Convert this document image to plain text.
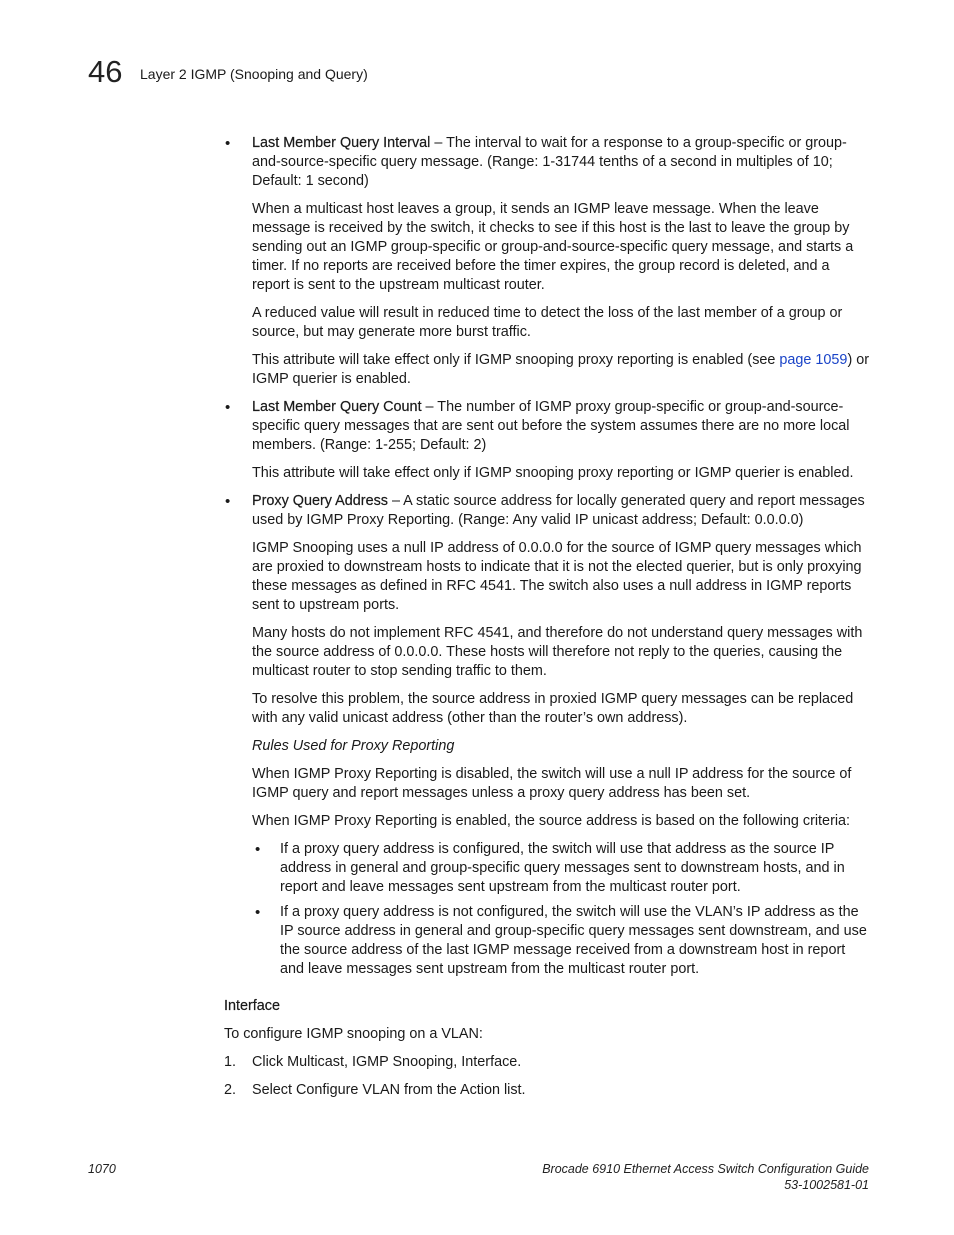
46 Layer 2 IGMP (Snooping and Query)
• Last Member Query Interval – The interval to wait for a response to a group-specific or group-and-source-specific query message. (Range: 1-31744 tenths of a second in multiples of 10; Default: 1 second)

When a multicast host leaves a group, it sends an IGMP leave message. When the leave message is received by the switch, it checks to see if this host is the last to leave the group by sending out an IGMP group-specific or group-and-source-specific query message, and starts a timer. If no reports are received before the timer expires, the group record is deleted, and a report is sent to the upstream multicast router.

A reduced value will result in reduced time to detect the loss of the last member of a group or source, but may generate more burst traffic.

This attribute will take effect only if IGMP snooping proxy reporting is enabled (see page 1059) or IGMP querier is enabled.

• Last Member Query Count – The number of IGMP proxy group-specific or group-and-source-specific query messages that are sent out before the system assumes there are no more local members. (Range: 1-255; Default: 2)

This attribute will take effect only if IGMP snooping proxy reporting or IGMP querier is enabled.

• Proxy Query Address – A static source address for locally generated query and report messages used by IGMP Proxy Reporting. (Range: Any valid IP unicast address; Default: 0.0.0.0)

IGMP Snooping uses a null IP address of 0.0.0.0 for the source of IGMP query messages which are proxied to downstream hosts to indicate that it is not the elected querier, but is only proxying these messages as defined in RFC 4541. The switch also uses a null address in IGMP reports sent to upstream ports.

Many hosts do not implement RFC 4541, and therefore do not understand query messages with the source address of 0.0.0.0. These hosts will therefore not reply to the queries, causing the multicast router to stop sending traffic to them.

To resolve this problem, the source address in proxied IGMP query messages can be replaced with any valid unicast address (other than the router’s own address).

Rules Used for Proxy Reporting

When IGMP Proxy Reporting is disabled, the switch will use a null IP address for the source of IGMP query and report messages unless a proxy query address has been set.

When IGMP Proxy Reporting is enabled, the source address is based on the following criteria:

• If a proxy query address is configured, the switch will use that address as the source IP address in general and group-specific query messages sent to downstream hosts, and in report and leave messages sent upstream from the multicast router port.
• If a proxy query address is not configured, the switch will use the VLAN’s IP address as the IP source address in general and group-specific query messages sent downstream, and use the source address of the last IGMP message received from a downstream host in report and leave messages sent upstream from the multicast router port.

Interface

To configure IGMP snooping on a VLAN:

1. Click Multicast, IGMP Snooping, Interface.
2. Select Configure VLAN from the Action list.
1070	Brocade 6910 Ethernet Access Switch Configuration Guide
53-1002581-01
